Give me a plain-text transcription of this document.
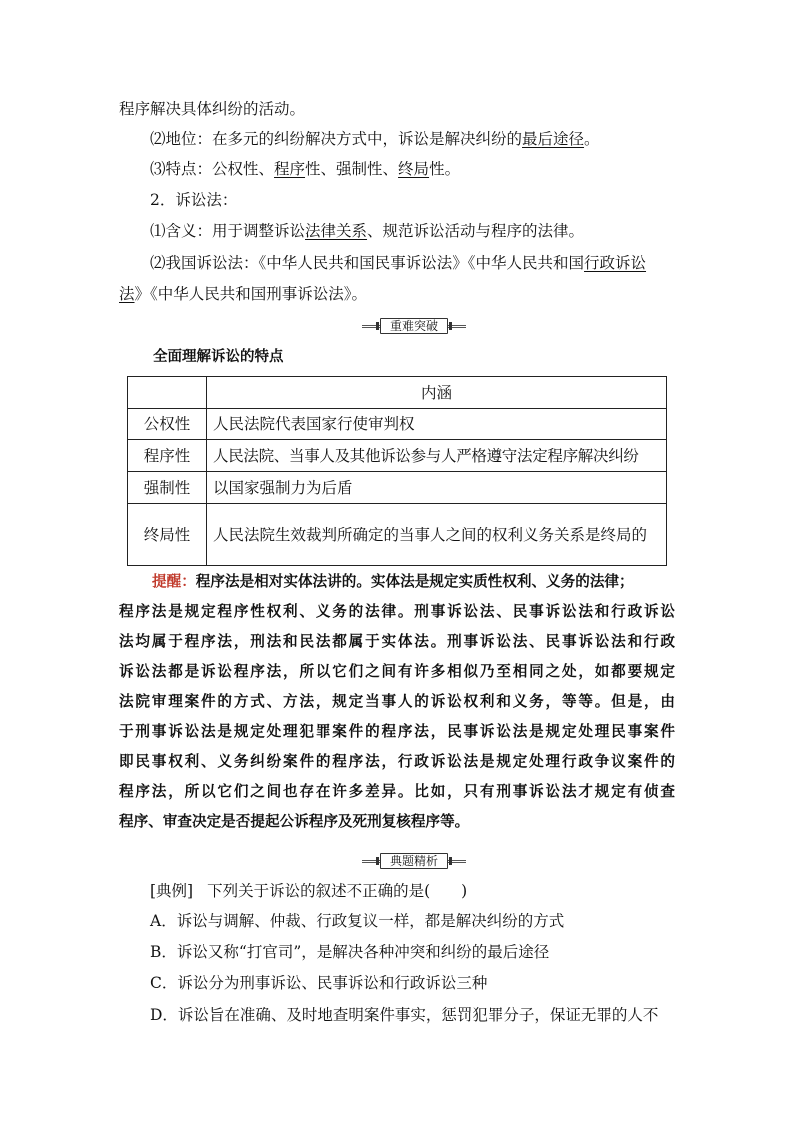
程序解决具体纠纷的活动。
⑵地位：在多元的纠纷解决方式中，诉讼是解决纠纷的最后途径。
⑶特点：公权性、程序性、强制性、终局性。
2．诉讼法：
⑴含义：用于调整诉讼法律关系、规范诉讼活动与程序的法律。
⑵我国诉讼法：《中华人民共和国民事诉讼法》《中华人民共和国行政诉讼
法》《中华人民共和国刑事诉讼法》。
重难突破
全面理解诉讼的特点
	内涵
公权性	人民法院代表国家行使审判权
程序性	人民法院、当事人及其他诉讼参与人严格遵守法定程序解决纠纷
强制性	以国家强制力为后盾
终局性	人民法院生效裁判所确定的当事人之间的权利义务关系是终局的
提醒：程序法是相对实体法讲的。实体法是规定实质性权利、义务的法律；
程序法是规定程序性权利、义务的法律。刑事诉讼法、民事诉讼法和行政诉讼
法均属于程序法，刑法和民法都属于实体法。刑事诉讼法、民事诉讼法和行政
诉讼法都是诉讼程序法，所以它们之间有许多相似乃至相同之处，如都要规定
法院审理案件的方式、方法，规定当事人的诉讼权利和义务，等等。但是，由
于刑事诉讼法是规定处理犯罪案件的程序法，民事诉讼法是规定处理民事案件
即民事权利、义务纠纷案件的程序法，行政诉讼法是规定处理行政争议案件的
程序法，所以它们之间也存在许多差异。比如，只有刑事诉讼法才规定有侦查
程序、审查决定是否提起公诉程序及死刑复核程序等。
典题精析
[典例] 下列关于诉讼的叙述不正确的是(　　)
A．诉讼与调解、仲裁、行政复议一样，都是解决纠纷的方式
B．诉讼又称“打官司”，是解决各种冲突和纠纷的最后途径
C．诉讼分为刑事诉讼、民事诉讼和行政诉讼三种
D．诉讼旨在准确、及时地查明案件事实，惩罚犯罪分子，保证无罪的人不
